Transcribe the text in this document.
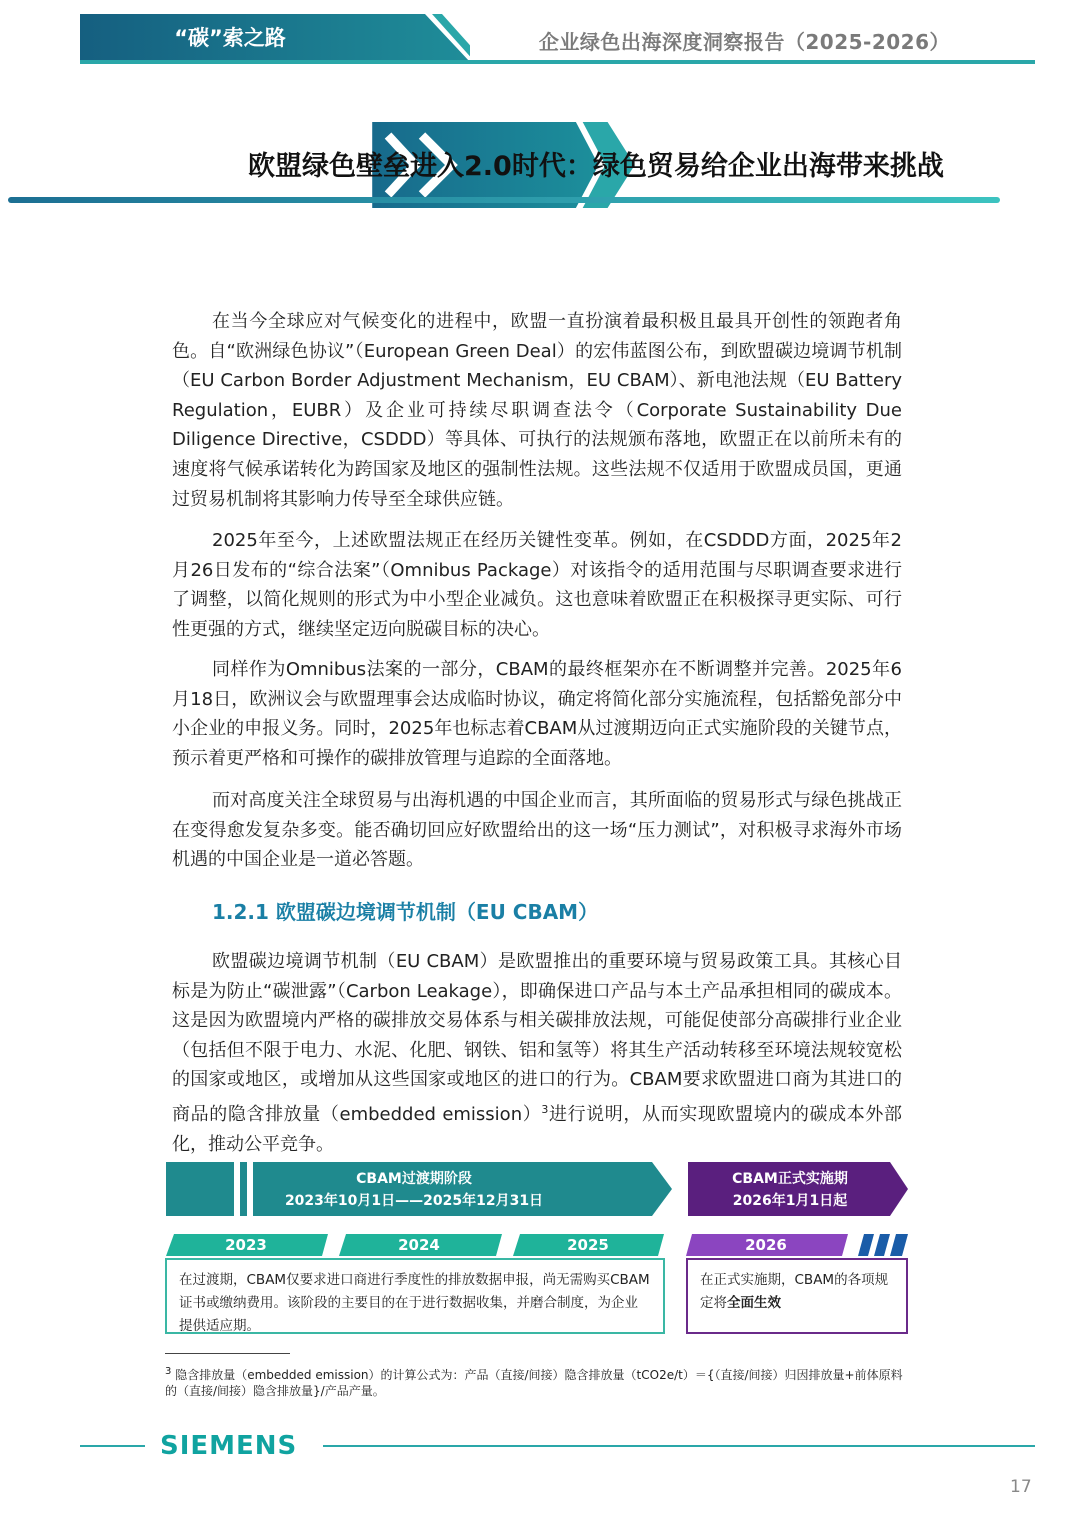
“碳”索之路	企业绿色出海深度洞察报告（2025-2026）
1.2	欧盟绿色壁垒进入2.0时代：绿色贸易给企业出海带来挑战

在当今全球应对气候变化的进程中，欧盟一直扮演着最积极且最具开创性的领跑者角色。自“欧洲绿色协议”（European Green Deal）的宏伟蓝图公布，到欧盟碳边境调节机制（EU Carbon Border Adjustment Mechanism，EU CBAM）、新电池法规（EU Battery Regulation，EUBR）及企业可持续尽职调查法令（Corporate Sustainability Due Diligence Directive，CSDDD）等具体、可执行的法规颁布落地，欧盟正在以前所未有的速度将气候承诺转化为跨国家及地区的强制性法规。这些法规不仅适用于欧盟成员国，更通过贸易机制将其影响力传导至全球供应链。

2025年至今，上述欧盟法规正在经历关键性变革。例如，在CSDDD方面，2025年2月26日发布的“综合法案”（Omnibus Package）对该指令的适用范围与尽职调查要求进行了调整，以简化规则的形式为中小型企业减负。这也意味着欧盟正在积极探寻更实际、可行性更强的方式，继续坚定迈向脱碳目标的决心。

同样作为Omnibus法案的一部分，CBAM的最终框架亦在不断调整并完善。2025年6月18日，欧洲议会与欧盟理事会达成临时协议，确定将简化部分实施流程，包括豁免部分中小企业的申报义务。同时，2025年也标志着CBAM从过渡期迈向正式实施阶段的关键节点，预示着更严格和可操作的碳排放管理与追踪的全面落地。

而对高度关注全球贸易与出海机遇的中国企业而言，其所面临的贸易形式与绿色挑战正在变得愈发复杂多变。能否确切回应好欧盟给出的这一场“压力测试”，对积极寻求海外市场机遇的中国企业是一道必答题。

1.2.1 欧盟碳边境调节机制（EU CBAM）

欧盟碳边境调节机制（EU CBAM）是欧盟推出的重要环境与贸易政策工具。其核心目标是为防止“碳泄露”（Carbon Leakage），即确保进口产品与本土产品承担相同的碳成本。这是因为欧盟境内严格的碳排放交易体系与相关碳排放法规，可能促使部分高碳排行业企业（包括但不限于电力、水泥、化肥、钢铁、铝和氢等）将其生产活动转移至环境法规较宽松的国家或地区，或增加从这些国家或地区的进口的行为。CBAM要求欧盟进口商为其进口的商品的隐含排放量（embedded emission）$^3$进行说明，从而实现欧盟境内的碳成本外部化，推动公平竞争。

CBAM过渡期阶段
2023年10月1日——2025年12月31日
CBAM正式实施期
2026年1月1日起
2023	2024	2025	2026
在过渡期，CBAM仅要求进口商进行季度性的排放数据申报，尚无需购买CBAM证书或缴纳费用。该阶段的主要目的在于进行数据收集，并磨合制度，为企业提供适应期。
在正式实施期，CBAM的各项规定将全面生效
$^3$ 隐含排放量（embedded emission）的计算公式为：产品（直接/间接）隐含排放量（tCO2e/t）＝{（直接/间接）归因排放量+前体原料的（直接/间接）隐含排放量}/产品产量。
SIEMENS
17
